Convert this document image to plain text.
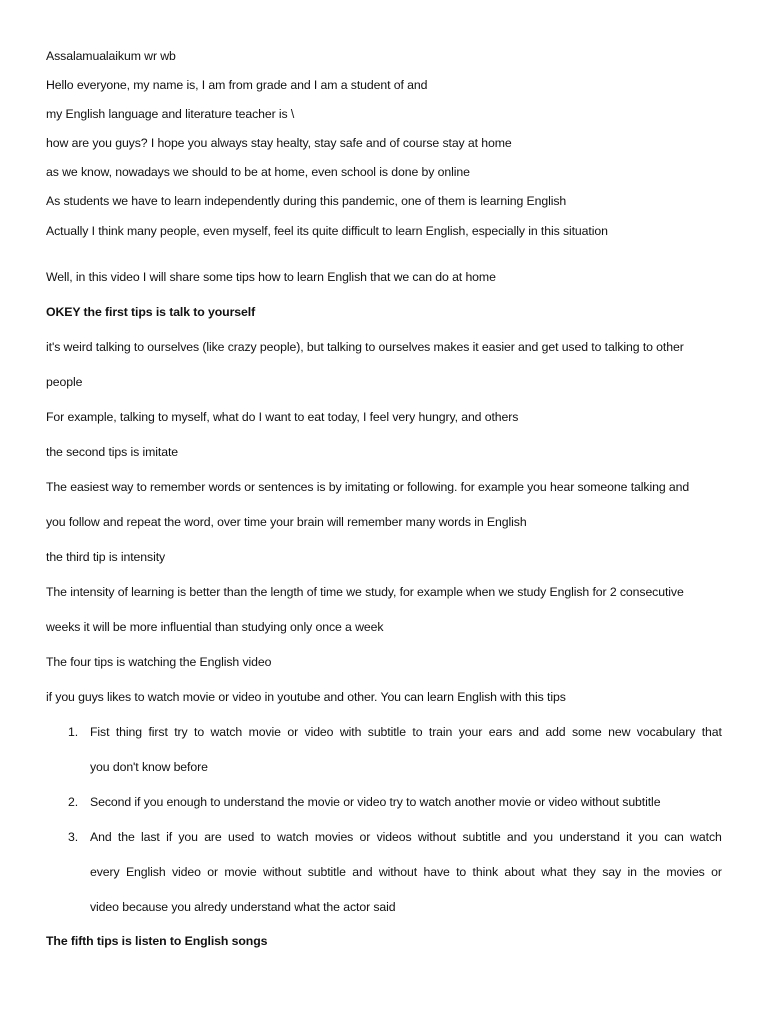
Assalamualaikum wr wb
Hello everyone, my name is, I am from grade and I am a student of and
my English language and literature teacher is \
how are you guys? I hope you always stay healty, stay safe and of course stay at home
as we know, nowadays we should to be at home, even school is done by online
As students we have to learn independently during this pandemic, one of them is learning English
Actually I think many people, even myself, feel its quite difficult to learn English, especially in this situation
Well, in this video I will share some tips how to learn English that we can do at home
OKEY the first tips is talk to yourself
it's weird talking to ourselves (like crazy people), but talking to ourselves makes it easier and get used to talking to other
people
For example, talking to myself, what do I want to eat today, I feel very hungry, and others
the second tips is imitate
The easiest way to remember words or sentences is by imitating or following. for example you hear someone talking and
you follow and repeat the word, over time your brain will remember many words in English
the third tip is intensity
The intensity of learning is better than the length of time we study, for example when we study English for 2 consecutive
weeks it will be more influential than studying only once a week
The four tips is watching the English video
if you guys likes to watch movie or video in youtube and other. You can learn English with this tips
1. Fist thing first try to watch movie or video with subtitle to train your ears and add some new vocabulary that
you don't know before
2. Second if you enough to understand the movie or video try to watch another movie or video without subtitle
3. And the last if you are used to watch movies or videos without subtitle and you understand it you can watch
every English video or movie without subtitle and without have to think about what they say in the movies or
video because you alredy understand what the actor said
The fifth tips is listen to English songs
